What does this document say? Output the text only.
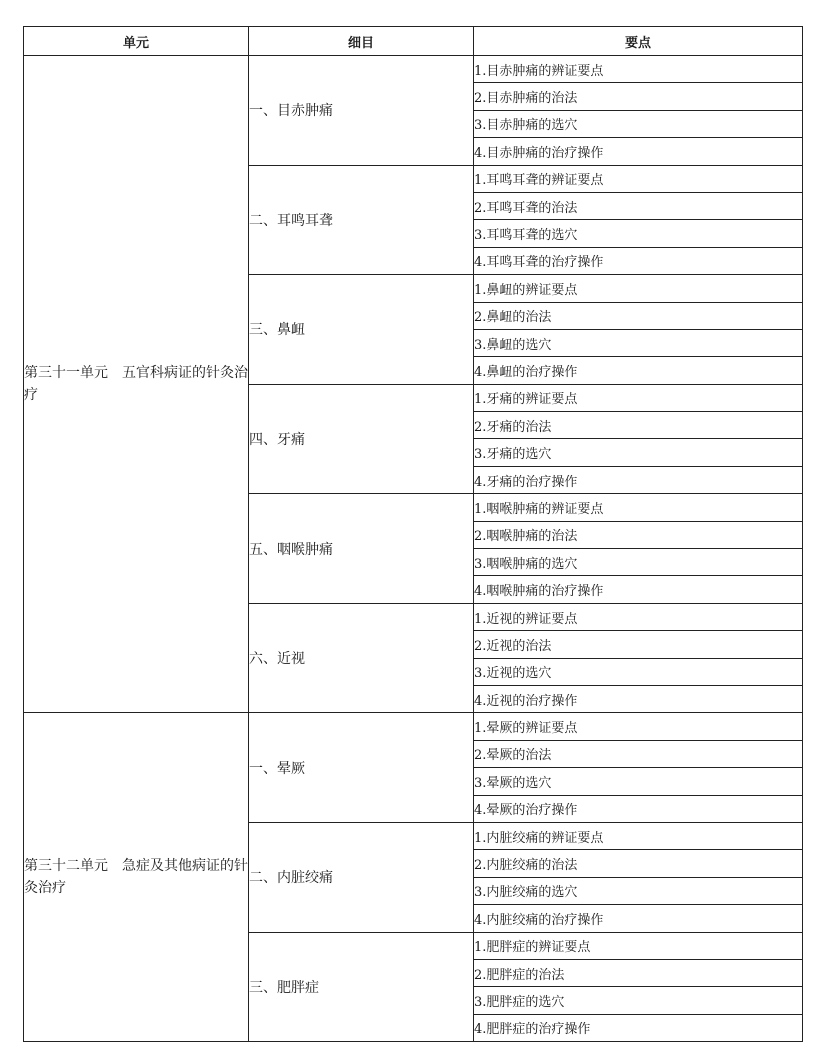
单元	细目	要点
第三十一单元　五官科病证的针灸治疗	一、目赤肿痛	1.目赤肿痛的辨证要点
		2.目赤肿痛的治法
		3.目赤肿痛的选穴
		4.目赤肿痛的治疗操作
	二、耳鸣耳聋	1.耳鸣耳聋的辨证要点
		2.耳鸣耳聋的治法
		3.耳鸣耳聋的选穴
		4.耳鸣耳聋的治疗操作
	三、鼻衄	1.鼻衄的辨证要点
		2.鼻衄的治法
		3.鼻衄的选穴
		4.鼻衄的治疗操作
	四、牙痛	1.牙痛的辨证要点
		2.牙痛的治法
		3.牙痛的选穴
		4.牙痛的治疗操作
	五、咽喉肿痛	1.咽喉肿痛的辨证要点
		2.咽喉肿痛的治法
		3.咽喉肿痛的选穴
		4.咽喉肿痛的治疗操作
	六、近视	1.近视的辨证要点
		2.近视的治法
		3.近视的选穴
		4.近视的治疗操作
第三十二单元　急症及其他病证的针灸治疗	一、晕厥	1.晕厥的辨证要点
		2.晕厥的治法
		3.晕厥的选穴
		4.晕厥的治疗操作
	二、内脏绞痛	1.内脏绞痛的辨证要点
		2.内脏绞痛的治法
		3.内脏绞痛的选穴
		4.内脏绞痛的治疗操作
	三、肥胖症	1.肥胖症的辨证要点
		2.肥胖症的治法
		3.肥胖症的选穴
		4.肥胖症的治疗操作
